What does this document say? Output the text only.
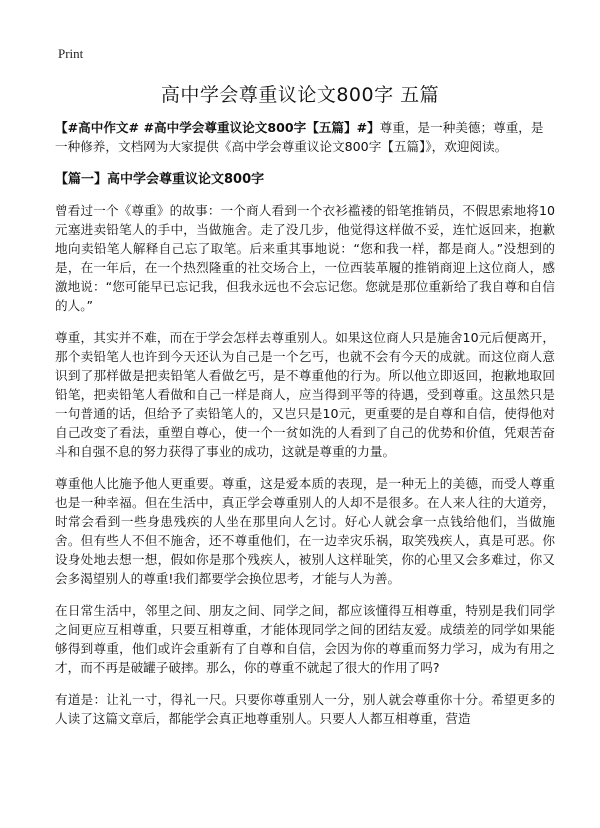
Print
高中学会尊重议论文800字 五篇

【#高中作文# #高中学会尊重议论文800字【五篇】#】尊重，是一种美德；尊重，是一种修养，文档网为大家提供《高中学会尊重议论文800字【五篇】》，欢迎阅读。

【篇一】高中学会尊重议论文800字

曾看过一个《尊重》的故事：一个商人看到一个衣衫褴褛的铅笔推销员，不假思索地将10元塞进卖铅笔人的手中，当做施舍。走了没几步，他觉得这样做不妥，连忙返回来，抱歉地向卖铅笔人解释自己忘了取笔。后来重其事地说：“您和我一样，都是商人。”没想到的是，在一年后，在一个热烈隆重的社交场合上，一位西装革履的推销商迎上这位商人，感激地说：“您可能早已忘记我，但我永远也不会忘记您。您就是那位重新给了我自尊和自信的人。”

尊重，其实并不难，而在于学会怎样去尊重别人。如果这位商人只是施舍10元后便离开，那个卖铅笔人也许到今天还认为自己是一个乞丐，也就不会有今天的成就。而这位商人意识到了那样做是把卖铅笔人看做乞丐，是不尊重他的行为。所以他立即返回，抱歉地取回铅笔，把卖铅笔人看做和自己一样是商人，应当得到平等的待遇，受到尊重。这虽然只是一句普通的话，但给予了卖铅笔人的，又岂只是10元，更重要的是自尊和自信，使得他对自己改变了看法，重塑自尊心，使一个一贫如洗的人看到了自己的优势和价值，凭艰苦奋斗和自强不息的努力获得了事业的成功，这就是尊重的力量。

尊重他人比施予他人更重要。尊重，这是爱本质的表现，是一种无上的美德，而受人尊重也是一种幸福。但在生活中，真正学会尊重别人的人却不是很多。在人来人往的大道旁，时常会看到一些身患残疾的人坐在那里向人乞讨。好心人就会拿一点钱给他们，当做施舍。但有些人不但不施舍，还不尊重他们，在一边幸灾乐祸，取笑残疾人，真是可恶。你设身处地去想一想，假如你是那个残疾人，被别人这样耻笑，你的心里又会多难过，你又会多渴望别人的尊重!我们都要学会换位思考，才能与人为善。

在日常生活中，邻里之间、朋友之间、同学之间，都应该懂得互相尊重，特别是我们同学之间更应互相尊重，只要互相尊重，才能体现同学之间的团结友爱。成绩差的同学如果能够得到尊重，他们或许会重新有了自尊和自信，会因为你的尊重而努力学习，成为有用之才，而不再是破罐子破摔。那么，你的尊重不就起了很大的作用了吗?

有道是：让礼一寸，得礼一尺。只要你尊重别人一分，别人就会尊重你十分。希望更多的人读了这篇文章后，都能学会真正地尊重别人。只要人人都互相尊重，营造
